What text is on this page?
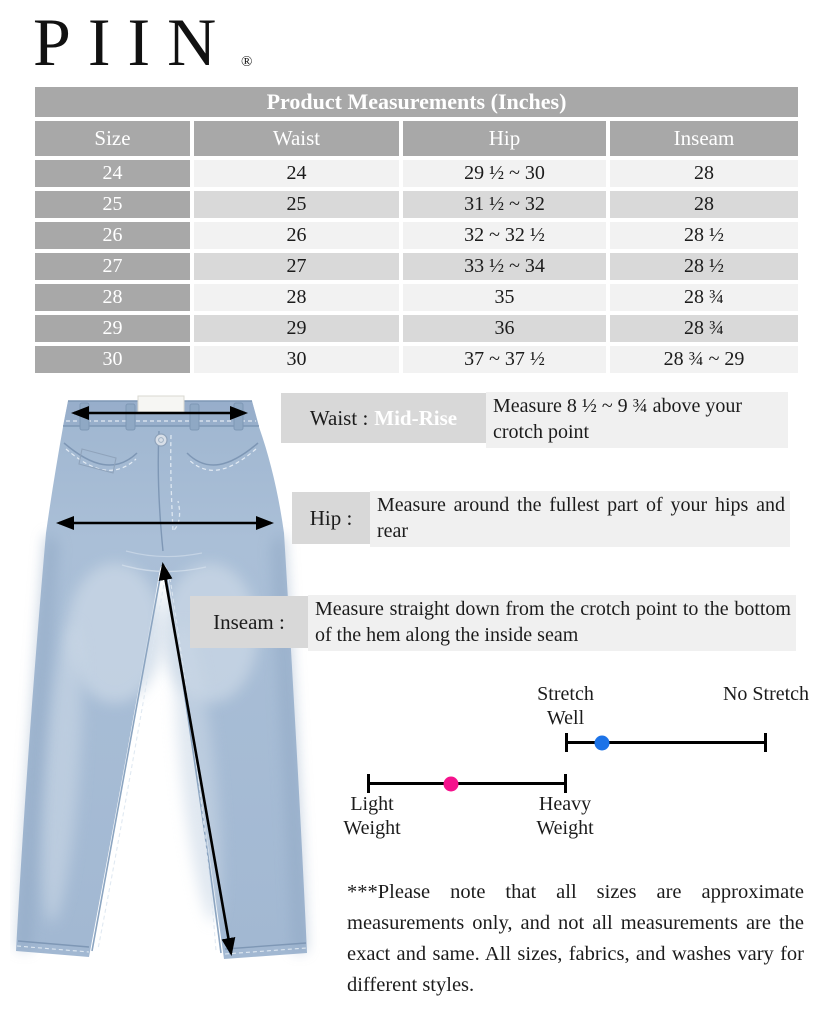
PIIN ®
Product Measurements (Inches)
Size	Waist	Hip	Inseam
24	24	29 ½ ~ 30	28
25	25	31 ½ ~ 32	28
26	26	32 ~ 32 ½	28 ½
27	27	33 ½ ~ 34	28 ½
28	28	35	28 ¾
29	29	36	28 ¾
30	30	37 ~ 37 ½	28 ¾ ~ 29
Waist : Mid-Rise	Measure 8 ½ ~ 9 ¾ above your crotch point
Hip :
Measure around the fullest part of your hips and rear
Inseam :
Measure straight down from the crotch point to the bottom of the hem along the inside seam
Stretch Well
No Stretch
Light Weight
Heavy Weight
***Please note that all sizes are approximate measurements only, and not all measurements are the exact and same. All sizes, fabrics, and washes vary for different styles.
